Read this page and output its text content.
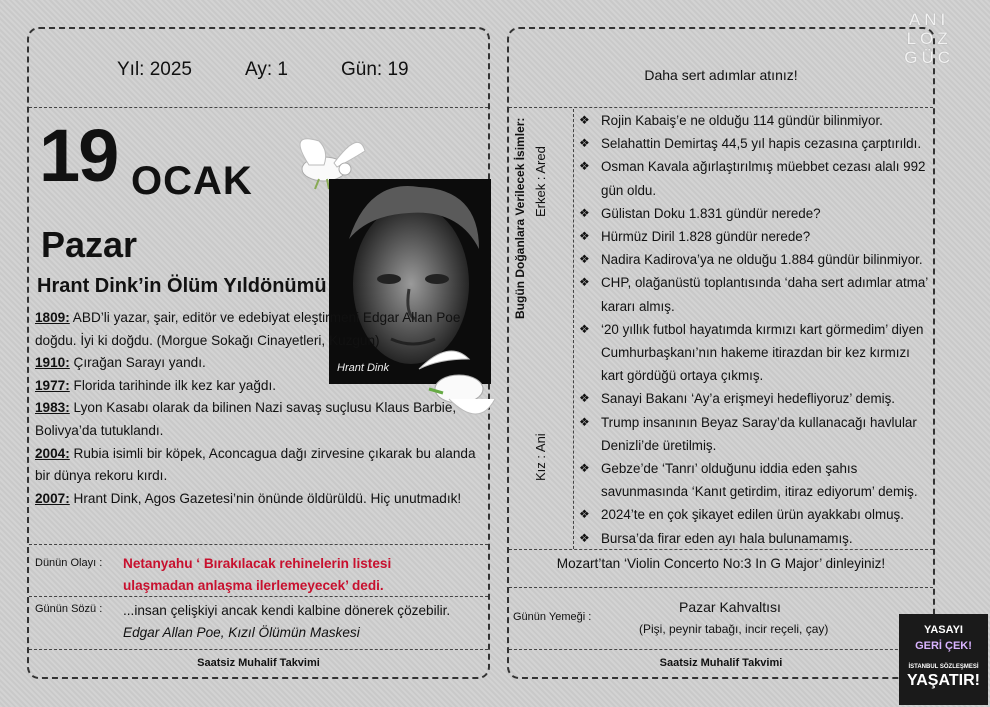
Yıl: 2025	Ay: 1	Gün: 19
19 OCAK
Pazar
Hrant Dink
Hrant Dink’in Ölüm Yıldönümü
1809: ABD’li yazar, şair, editör ve edebiyat eleştirmeni Edgar Allan Poe doğdu. İyi ki doğdu. (Morgue Sokağı Cinayetleri, Kuzgun)
1910: Çırağan Sarayı yandı.
1977: Florida tarihinde ilk kez kar yağdı.
1983: Lyon Kasabı olarak da bilinen Nazi savaş suçlusu Klaus Barbie, Bolivya’da tutuklandı.
2004: Rubia isimli bir köpek, Aconcagua dağı zirvesine çıkarak bu alanda bir dünya rekoru kırdı.
2007: Hrant Dink, Agos Gazetesi’nin önünde öldürüldü. Hiç unutmadık!
Dünün Olayı : Netanyahu ‘ Bırakılacak rehinelerin listesi ulaşmadan anlaşma ilerlemeyecek’ dedi.
Günün Sözü : ...insan çelişkiyi ancak kendi kalbine dönerek çözebilir.
Edgar Allan Poe, Kızıl Ölümün Maskesi
Saatsiz Muhalif Takvimi
Daha sert adımlar atınız!
Bugün Doğanlara Verilecek İsimler: Erkek : Ared
Kız : Ani
❖ Rojin Kabaiş’e ne olduğu 114 gündür bilinmiyor.
❖ Selahattin Demirtaş 44,5 yıl hapis cezasına çarptırıldı.
❖ Osman Kavala ağırlaştırılmış müebbet cezası alalı 992 gün oldu.
❖ Gülistan Doku 1.831 gündür nerede?
❖ Hürmüz Diril 1.828 gündür nerede?
❖ Nadira Kadirova’ya ne olduğu 1.884 gündür bilinmiyor.
❖ CHP, olağanüstü toplantısında ‘daha sert adımlar atma’ kararı almış.
❖ ‘20 yıllık futbol hayatımda kırmızı kart görmedim’ diyen Cumhurbaşkanı’nın hakeme itirazdan bir kez kırmızı kart gördüğü ortaya çıkmış.
❖ Sanayi Bakanı ‘Ay’a erişmeyi hedefliyoruz’ demiş.
❖ Trump insanının Beyaz Saray’da kullanacağı havlular Denizli’de üretilmiş.
❖ Gebze’de ‘Tanrı’ olduğunu iddia eden şahıs savunmasında ‘Kanıt getirdim, itiraz ediyorum’ demiş.
❖ 2024’te en çok şikayet edilen ürün ayakkabı olmuş.
❖ Bursa’da firar eden ayı hala bulunamamış.
Mozart’tan ‘Violin Concerto No:3 In G Major’ dinleyiniz!
Günün Yemeği :
Pazar Kahvaltısı
(Pişi, peynir tabağı, incir reçeli, çay)
Saatsiz Muhalif Takvimi
ANI
LOZ
GÜC
YASAYI
GERİ ÇEK!
İSTANBUL SÖZLEŞMESİ
YAŞATIR!
